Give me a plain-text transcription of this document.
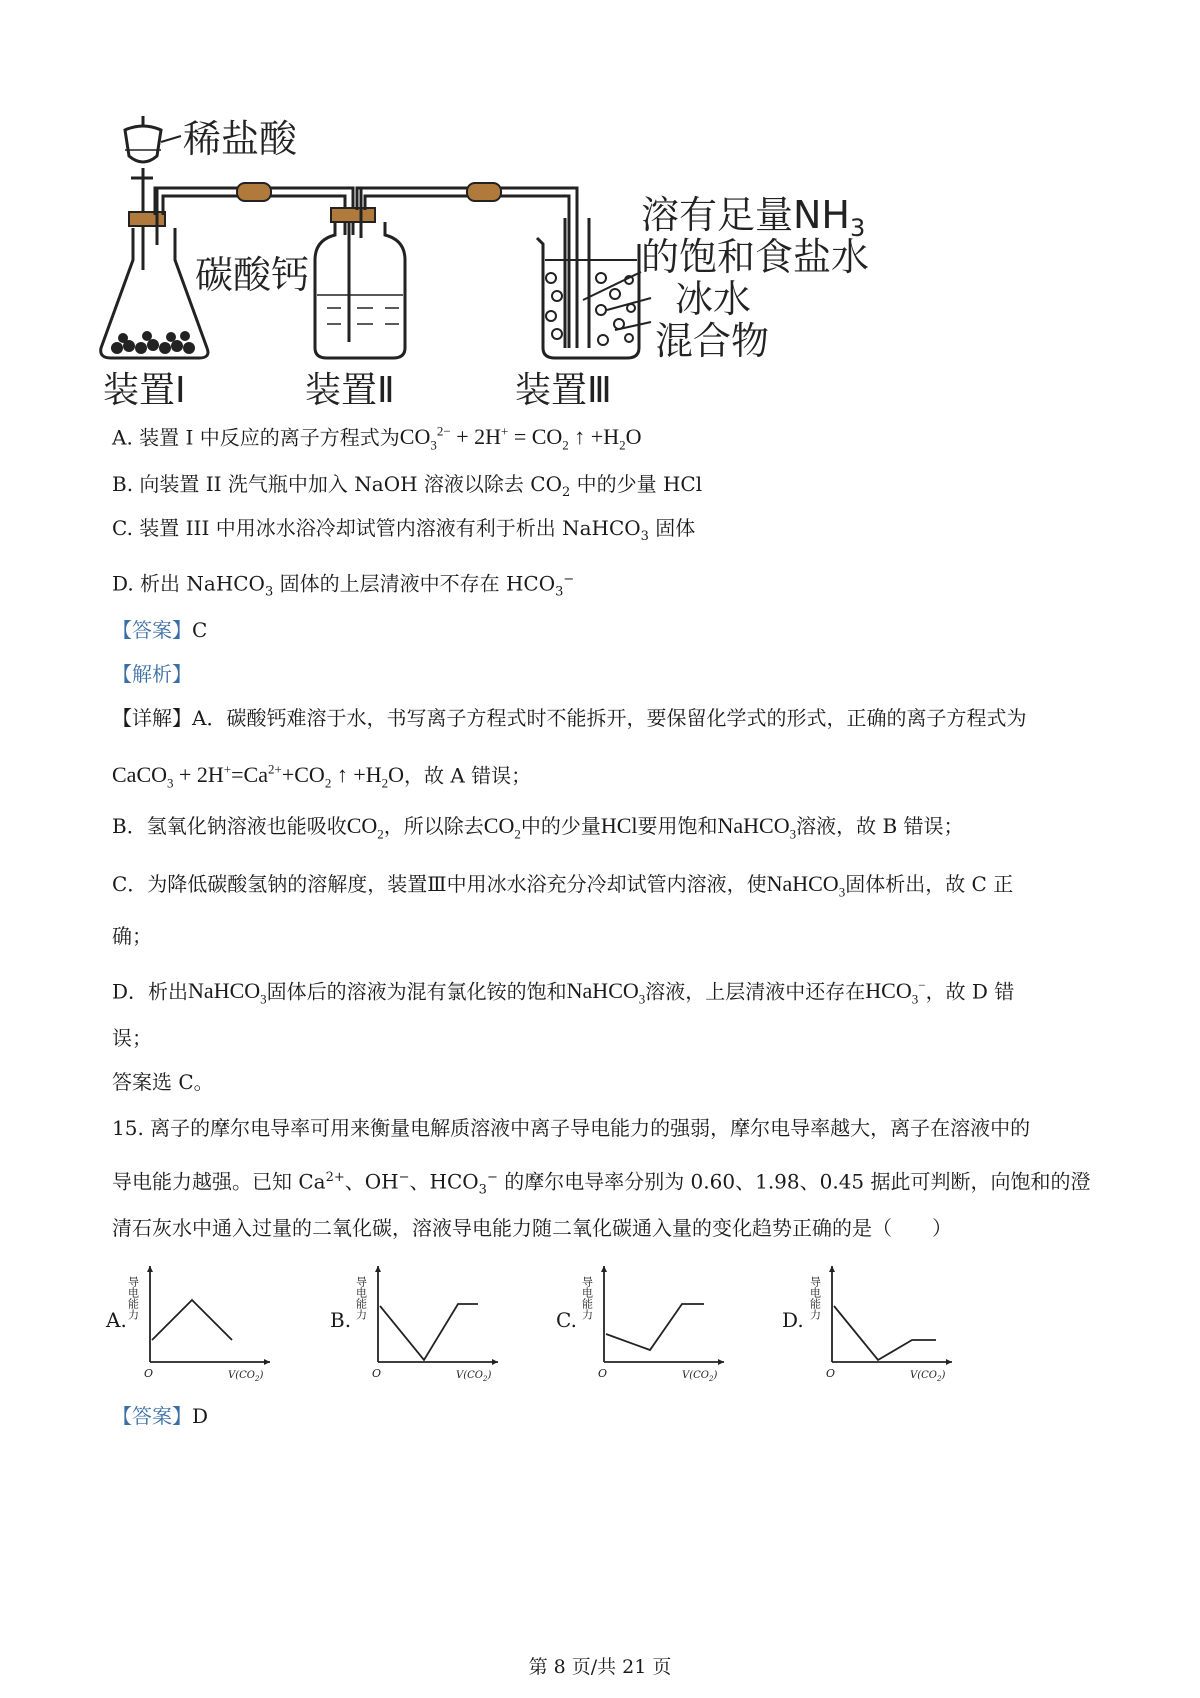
稀盐酸
碳酸钙
溶有足量$NH_3$
的饱和食盐水
冰水
混合物
装置Ⅰ	装置Ⅱ	装置Ⅲ
A. 装置 I 中反应的离子方程式为$CO_3^{2-} + 2H^+ = CO_2$ ↑ $+H_2O$
B. 向装置 II 洗气瓶中加入 NaOH 溶液以除去 $CO_2$ 中的少量 HCl
C. 装置 III 中用冰水浴冷却试管内溶液有利于析出 NaHCO$_3$ 固体
D. 析出 NaHCO$_3$ 固体的上层清液中不存在 $HCO_3^-$
【答案】C
【解析】
【详解】A．碳酸钙难溶于水，书写离子方程式时不能拆开，要保留化学式的形式，正确的离子方程式为
CaCO$_3$ + $2H^+=Ca^{2+}+CO_2$ ↑ $+H_2O$，故 A 错误；
B．氢氧化钠溶液也能吸收$CO_2$，所以除去$CO_2$中的少量HCl要用饱和NaHCO$_3$溶液，故 B 错误；
C．为降低碳酸氢钠的溶解度，装置Ⅲ中用冰水浴充分冷却试管内溶液，使NaHCO$_3$固体析出，故 C 正
确；
D．析出NaHCO$_3$固体后的溶液为混有氯化铵的饱和NaHCO$_3$溶液，上层清液中还存在$HCO_3^-$，故 D 错
误；
答案选 C。
15. 离子的摩尔电导率可用来衡量电解质溶液中离子导电能力的强弱，摩尔电导率越大，离子在溶液中的
导电能力越强。已知 $Ca^{2+}$、OH−、$HCO_3^-$ 的摩尔电导率分别为 0.60、1.98、0.45 据此可判断，向饱和的澄
清石灰水中通入过量的二氧化碳，溶液导电能力随二氧化碳通入量的变化趋势正确的是（　　）
A.	B.	C.	D.
导电能力
O	$V(CO_2)$
导电能力
O	$V(CO_2)$
导电能力
O	$V(CO_2)$
导电能力
O	$V(CO_2)$
【答案】D
第 8 页/共 21 页
